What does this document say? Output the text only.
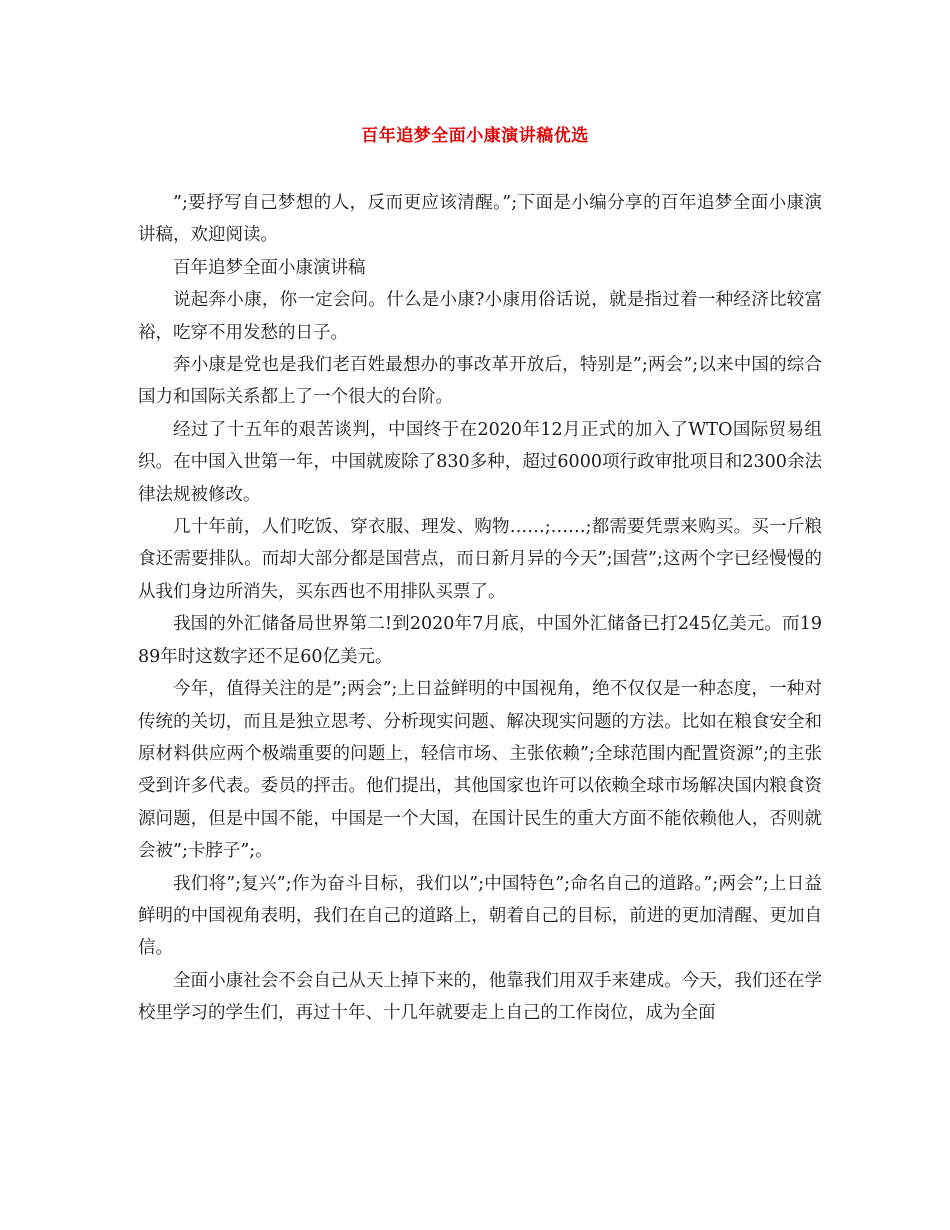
百年追梦全面小康演讲稿优选

”;要抒写自己梦想的人，反而更应该清醒。”;下面是小编分享的百年追梦全面小康演讲稿，欢迎阅读。

百年追梦全面小康演讲稿

说起奔小康，你一定会问。什么是小康?小康用俗话说，就是指过着一种经济比较富裕，吃穿不用发愁的日子。

奔小康是党也是我们老百姓最想办的事改革开放后，特别是”;两会”;以来中国的综合国力和国际关系都上了一个很大的台阶。

经过了十五年的艰苦谈判，中国终于在2020年12月正式的加入了WTO国际贸易组织。在中国入世第一年，中国就废除了830多种，超过6000项行政审批项目和2300余法律法规被修改。

几十年前，人们吃饭、穿衣服、理发、购物……;……;都需要凭票来购买。买一斤粮食还需要排队。而却大部分都是国营点，而日新月异的今天”;国营”;这两个字已经慢慢的从我们身边所消失，买东西也不用排队买票了。

我国的外汇储备局世界第二!到2020年7月底，中国外汇储备已打245亿美元。而1989年时这数字还不足60亿美元。

今年，值得关注的是”;两会”;上日益鲜明的中国视角，绝不仅仅是一种态度，一种对传统的关切，而且是独立思考、分析现实问题、解决现实问题的方法。比如在粮食安全和原材料供应两个极端重要的问题上，轻信市场、主张依赖”;全球范围内配置资源”;的主张受到许多代表。委员的抨击。他们提出，其他国家也许可以依赖全球市场解决国内粮食资源问题，但是中国不能，中国是一个大国，在国计民生的重大方面不能依赖他人，否则就会被”;卡脖子”;。

我们将”;复兴”;作为奋斗目标，我们以”;中国特色”;命名自己的道路。”;两会”;上日益鲜明的中国视角表明，我们在自己的道路上，朝着自己的目标，前进的更加清醒、更加自信。

全面小康社会不会自己从天上掉下来的，他靠我们用双手来建成。今天，我们还在学校里学习的学生们，再过十年、十几年就要走上自己的工作岗位，成为全面
